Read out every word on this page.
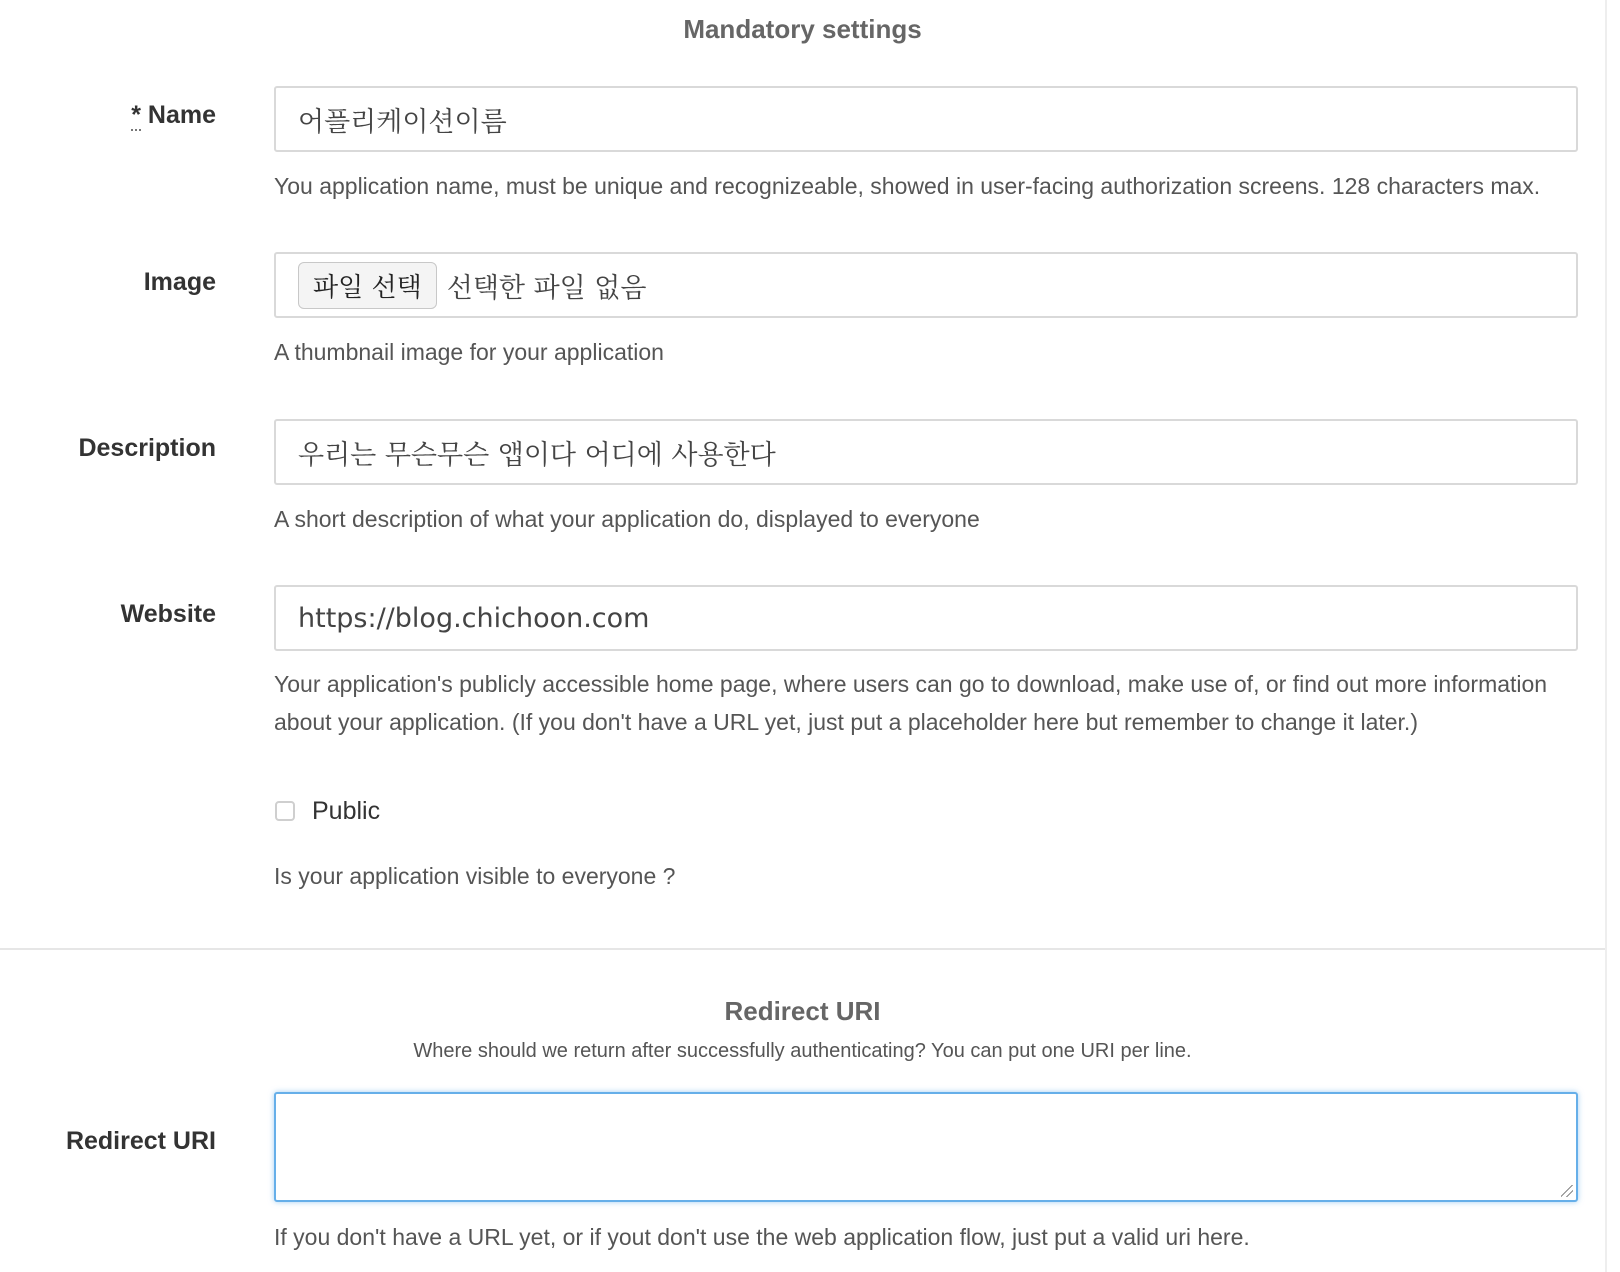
Mandatory settings
* Name	어플리케이션이름
You application name, must be unique and recognizeable, showed in user-facing authorization screens. 128 characters max.
Image	파일 선택 선택한 파일 없음
A thumbnail image for your application
Description	우리는 무슨무슨 앱이다 어디에 사용한다
A short description of what your application do, displayed to everyone
Website	https://blog.chichoon.com
Your application's publicly accessible home page, where users can go to download, make use of, or find out more information
about your application. (If you don't have a URL yet, just put a placeholder here but remember to change it later.)
Public
Is your application visible to everyone ?
Redirect URI
Where should we return after successfully authenticating? You can put one URI per line.
Redirect URI
If you don't have a URL yet, or if yout don't use the web application flow, just put a valid uri here.
